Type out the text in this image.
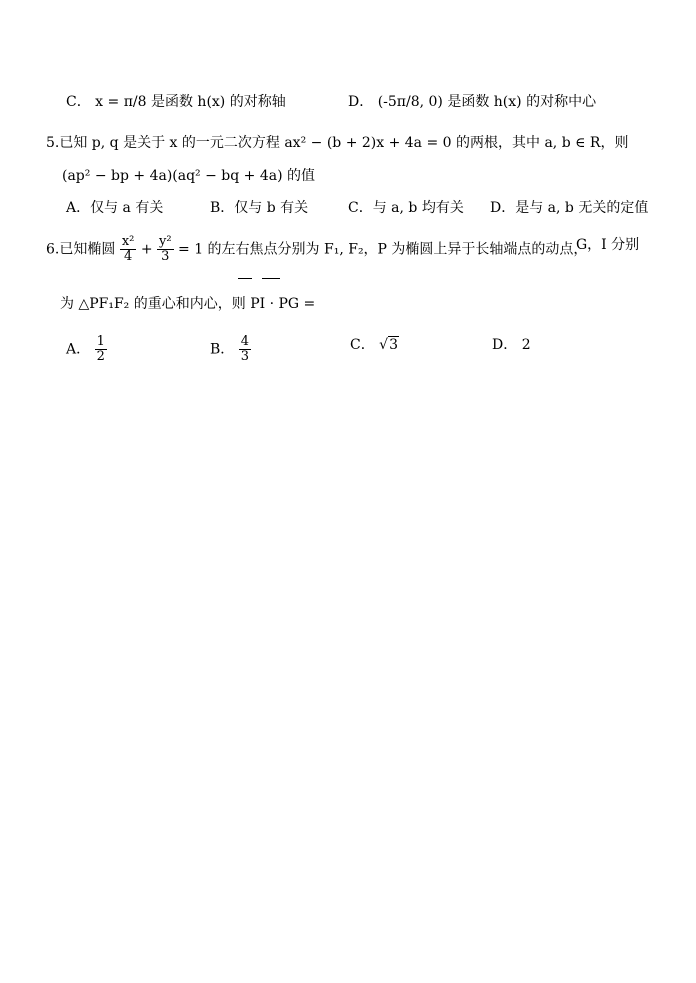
C． x = π/8 是函数 h(x) 的对称轴	D． (-5π/8, 0) 是函数 h(x) 的对称中心
5.已知 p, q 是关于 x 的一元二次方程 ax² − (b + 2)x + 4a = 0 的两根，其中 a, b ∈ R，则
(ap² − bp + 4a)(aq² − bq + 4a) 的值
A．仅与 a 有关	B．仅与 b 有关	C．与 a, b 均有关 D．是与 a, b 无关的定值
6.已知椭圆 $\frac{\text{x²}}{4} + \frac{\text{y²}}{3} = 1$ 的左右焦点分别为 F₁, F₂，P 为椭圆上异于长轴端点的动点，
G，I 分别
为 △PF₁F₂ 的重心和内心，则 PI · PG =
A． $\frac{1}{2}$	B． $\frac{4}{3}$	C． √3	D． 2
